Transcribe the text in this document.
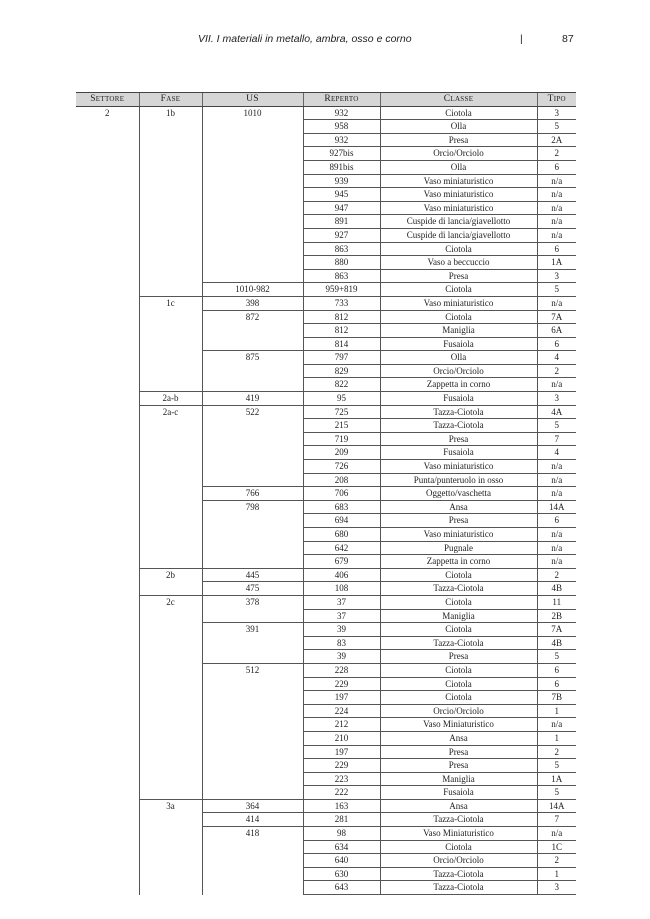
VII. I materiali in metallo, ambra, osso e corno	|	87
Settore	Fase	US	Reperto	Classe	Tipo
2	1b	1010	932	Ciotola	3
			958	Olla	5
			932	Presa	2A
			927bis	Orcio/Orciolo	2
			891bis	Olla	6
			939	Vaso miniaturistico	n/a
			945	Vaso miniaturistico	n/a
			947	Vaso miniaturistico	n/a
			891	Cuspide di lancia/giavellotto	n/a
			927	Cuspide di lancia/giavellotto	n/a
			863	Ciotola	6
			880	Vaso a beccuccio	1A
			863	Presa	3
		1010-982	959+819	Ciotola	5
	1c	398	733	Vaso miniaturistico	n/a
		872	812	Ciotola	7A
			812	Maniglia	6A
			814	Fusaiola	6
		875	797	Olla	4
			829	Orcio/Orciolo	2
			822	Zappetta in corno	n/a
	2a-b	419	95	Fusaiola	3
	2a-c	522	725	Tazza-Ciotola	4A
			215	Tazza-Ciotola	5
			719	Presa	7
			209	Fusaiola	4
			726	Vaso miniaturistico	n/a
			208	Punta/punteruolo in osso	n/a
		766	706	Oggetto/vaschetta	n/a
		798	683	Ansa	14A
			694	Presa	6
			680	Vaso miniaturistico	n/a
			642	Pugnale	n/a
			679	Zappetta in corno	n/a
	2b	445	406	Ciotola	2
		475	108	Tazza-Ciotola	4B
	2c	378	37	Ciotola	11
			37	Maniglia	2B
		391	39	Ciotola	7A
			83	Tazza-Ciotola	4B
			39	Presa	5
		512	228	Ciotola	6
			229	Ciotola	6
			197	Ciotola	7B
			224	Orcio/Orciolo	1
			212	Vaso Miniaturistico	n/a
			210	Ansa	1
			197	Presa	2
			229	Presa	5
			223	Maniglia	1A
			222	Fusaiola	5
	3a	364	163	Ansa	14A
		414	281	Tazza-Ciotola	7
		418	98	Vaso Miniaturistico	n/a
			634	Ciotola	1C
			640	Orcio/Orciolo	2
			630	Tazza-Ciotola	1
			643	Tazza-Ciotola	3
